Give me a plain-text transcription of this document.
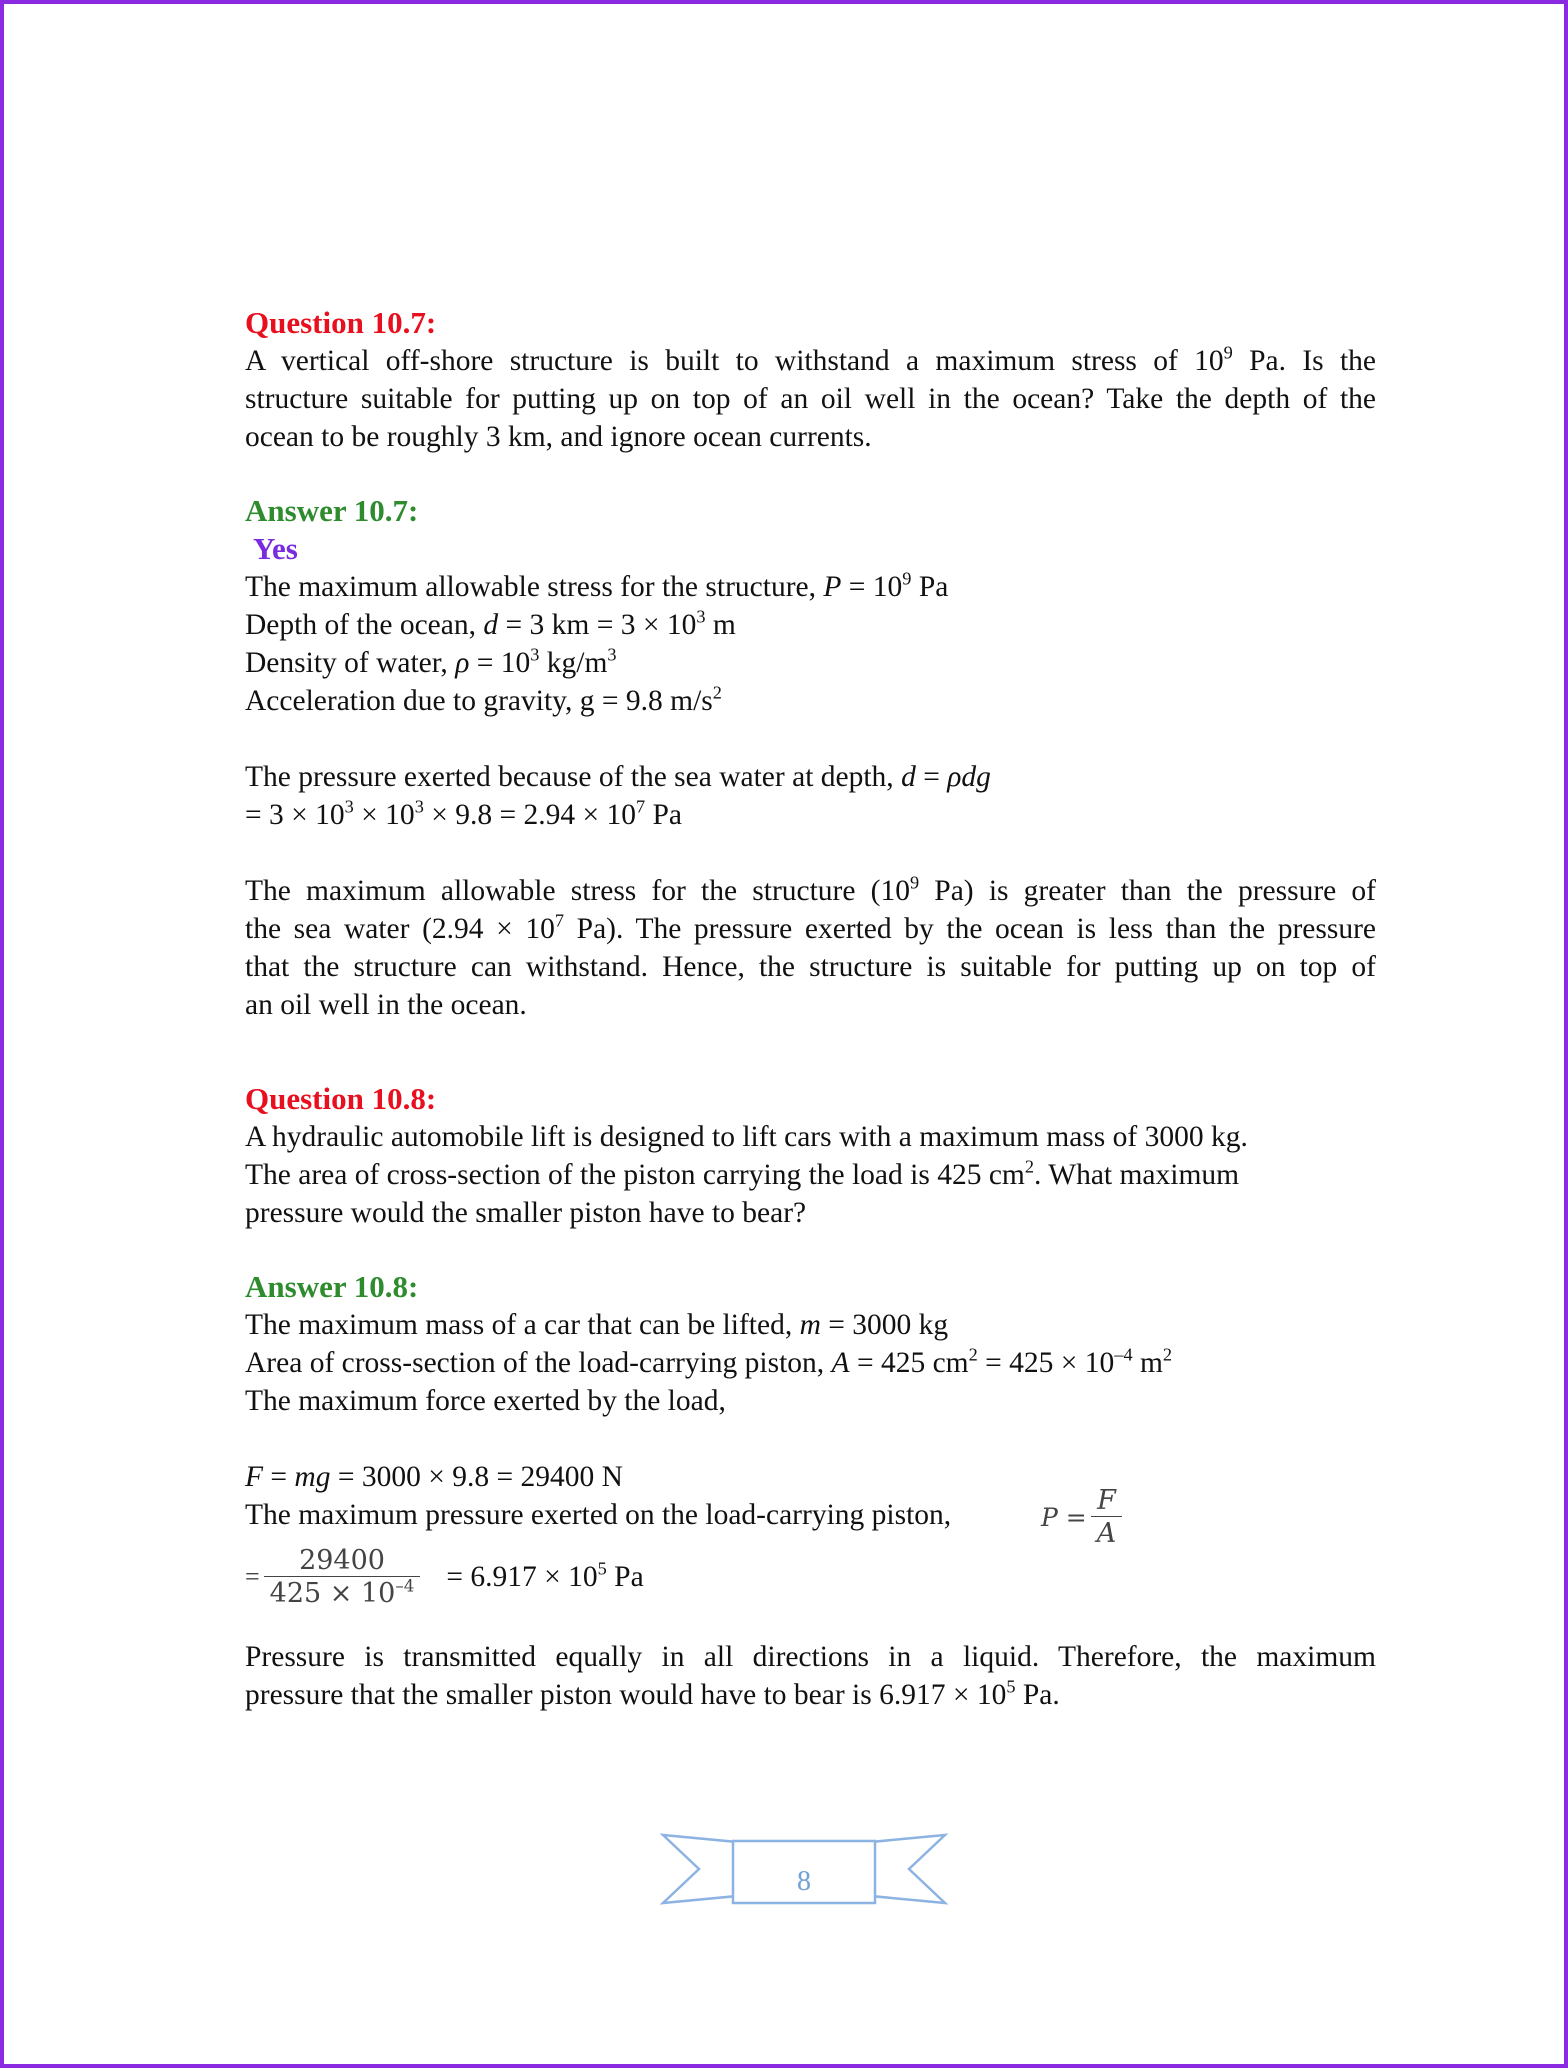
Question 10.7:
A vertical off-shore structure is built to withstand a maximum stress of $10^9$ Pa. Is the
structure suitable for putting up on top of an oil well in the ocean? Take the depth of the
ocean to be roughly 3 km, and ignore ocean currents.
Answer 10.7:
Yes
The maximum allowable stress for the structure, $P = 10^9$ Pa
Depth of the ocean, d = 3 km = $3 \times 10^3$ m
Density of water, $\rho = 10^3$ $kg/m^3$
Acceleration due to gravity, g = 9.8 $m/s^2$
The pressure exerted because of the sea water at depth, d = ρdg
= $3 \times 10^3 \times 10^3 \times 9.8 = 2.94 \times 10^7$ Pa
The maximum allowable stress for the structure ($10^9$ Pa) is greater than the pressure of
the sea water ($2.94 \times 10^7$ Pa). The pressure exerted by the ocean is less than the pressure
that the structure can withstand. Hence, the structure is suitable for putting up on top of
an oil well in the ocean.
Question 10.8:
A hydraulic automobile lift is designed to lift cars with a maximum mass of 3000 kg.
The area of cross-section of the piston carrying the load is 425 $cm^2$. What maximum
pressure would the smaller piston have to bear?
Answer 10.8:
The maximum mass of a car that can be lifted, m = 3000 kg
Area of cross-section of the load-carrying piston, A = 425 $cm^2 = 425 \times 10^{-4}$ $m^2$
The maximum force exerted by the load,
F = mg = 3000 × 9.8 = 29400 N
The maximum pressure exerted on the load-carrying piston,	$P = \frac{F}{A}$
= $\frac{29400}{425 \times 10^{-4}} = 6.917 \times 10^5$ Pa
Pressure is transmitted equally in all directions in a liquid. Therefore, the maximum
pressure that the smaller piston would have to bear is $6.917 \times 10^5$ Pa.
8
